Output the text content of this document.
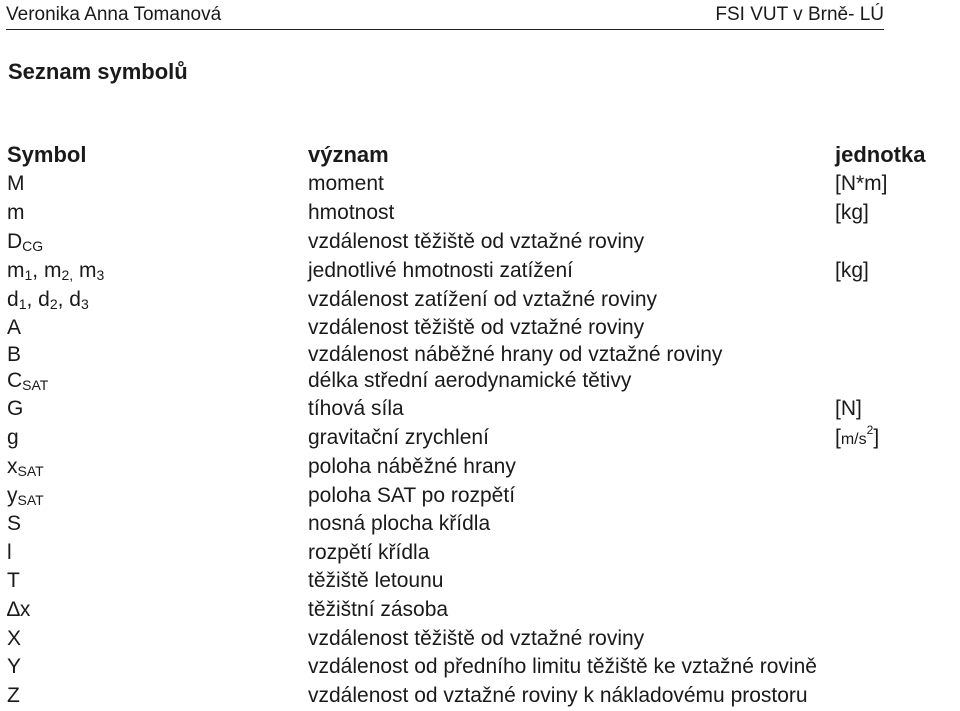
Veronika Anna Tomanová	FSI VUT v Brně- LÚ
Seznam symbolů
Symbol	význam	jednotka
M	moment	[N*m]
m	hmotnost	[kg]
$D_{CG}$	vzdálenost těžiště od vztažné roviny
$m_1$, $m_{2,}$ $m_3$	jednotlivé hmotnosti zatížení	[kg]
$d_1$, $d_2$, $d_3$	vzdálenost zatížení od vztažné roviny
A	vzdálenost těžiště od vztažné roviny
B	vzdálenost náběžné hrany od vztažné roviny
$C_{SAT}$	délka střední aerodynamické tětivy
G	tíhová síla	[N]
g	gravitační zrychlení	$[m/s^2]$
$x_{SAT}$	poloha náběžné hrany
$y_{SAT}$	poloha SAT po rozpětí
S	nosná plocha křídla
l	rozpětí křídla
T	těžiště letounu
∆x	těžištní zásoba
X	vzdálenost těžiště od vztažné roviny
Y	vzdálenost od předního limitu těžiště ke vztažné rovině
Z	vzdálenost od vztažné roviny k nákladovému prostoru
